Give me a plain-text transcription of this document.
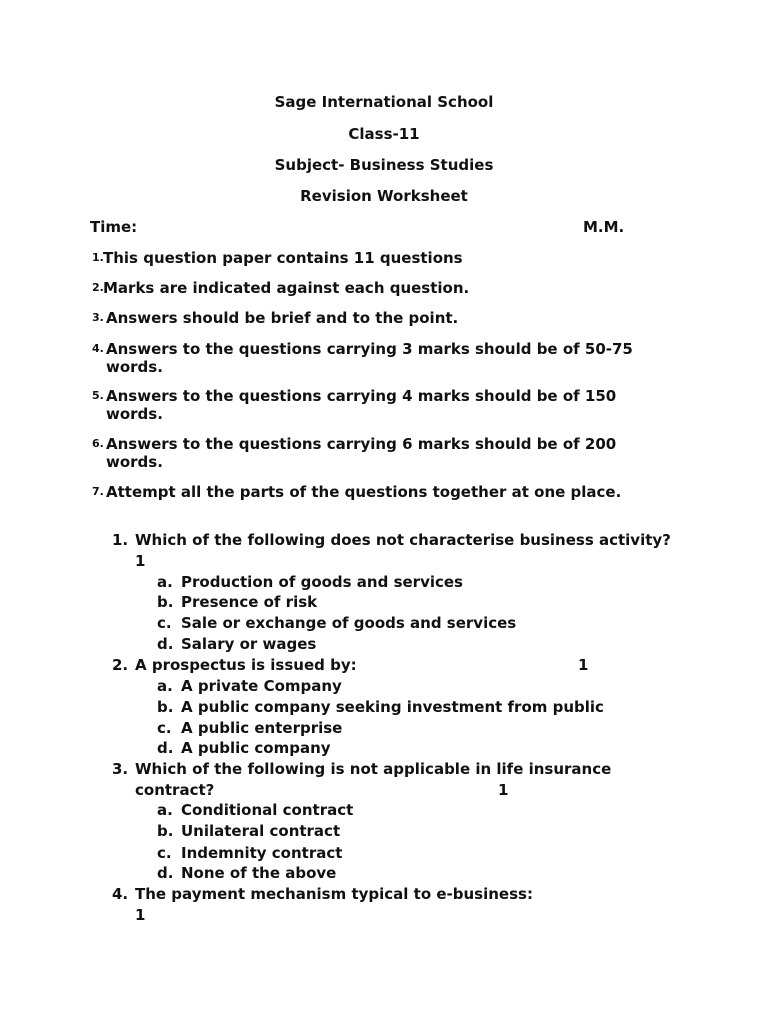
Sage International School
Class-11
Subject- Business Studies
Revision Worksheet
Time:	M.M.
1. This question paper contains 11 questions
2. Marks are indicated against each question.
3. Answers should be brief and to the point.
4. Answers to the questions carrying 3 marks should be of 50-75
words.
5. Answers to the questions carrying 4 marks should be of 150
words.
6. Answers to the questions carrying 6 marks should be of 200
words.
7. Attempt all the parts of the questions together at one place.
1. Which of the following does not characterise business activity?
1
a. Production of goods and services
b. Presence of risk
c. Sale or exchange of goods and services
d. Salary or wages
2. A prospectus is issued by:	1
a. A private Company
b. A public company seeking investment from public
c. A public enterprise
d. A public company
3. Which of the following is not applicable in life insurance
contract?	1
a. Conditional contract
b. Unilateral contract
c. Indemnity contract
d. None of the above
4. The payment mechanism typical to e-business:
1
